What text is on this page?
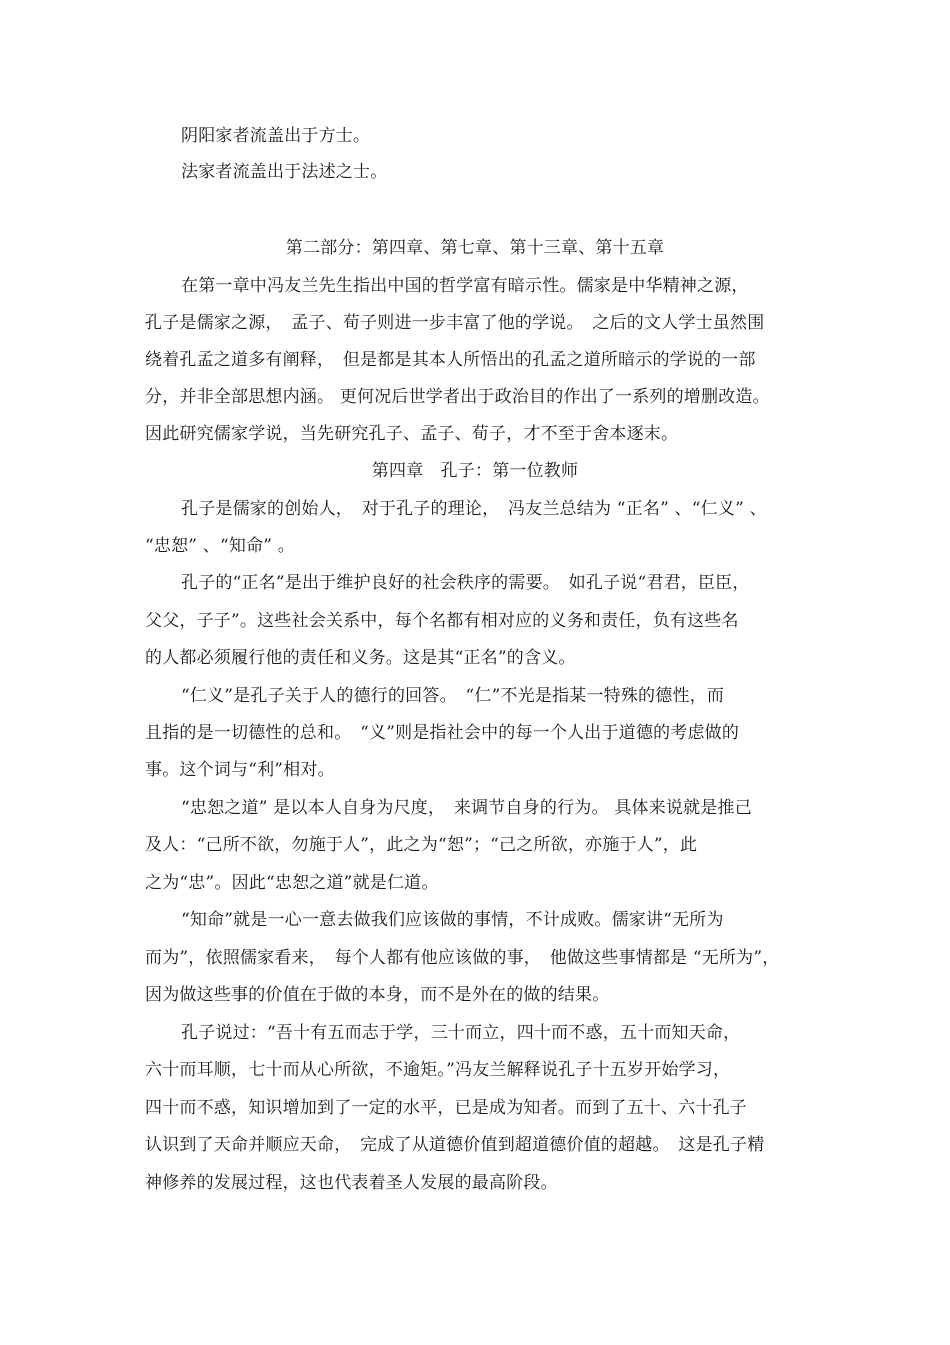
阴阳家者流盖出于方士。
法家者流盖出于法述之士。
第二部分：第四章、第七章、第十三章、第十五章
在第一章中冯友兰先生指出中国的哲学富有暗示性。儒家是中华精神之源，
孔子是儒家之源，　孟子、荀子则进一步丰富了他的学说。　之后的文人学士虽然围
绕着孔孟之道多有阐释，　但是都是其本人所悟出的孔孟之道所暗示的学说的一部
分，并非全部思想内涵。 更何况后世学者出于政治目的作出了一系列的增删改造。
因此研究儒家学说，当先研究孔子、孟子、荀子，才不至于舍本逐末。
第四章　孔子：第一位教师
孔子是儒家的创始人，　对于孔子的理论，　冯友兰总结为 “正名” 、“仁义” 、
“忠恕” 、“知命” 。
孔子的“正名”是出于维护良好的社会秩序的需要。　如孔子说“君君，臣臣，
父父，子子”。这些社会关系中，每个名都有相对应的义务和责任，负有这些名
的人都必须履行他的责任和义务。这是其“正名”的含义。
“仁义”是孔子关于人的德行的回答。　“仁”不光是指某一特殊的德性，而
且指的是一切德性的总和。　“义”则是指社会中的每一个人出于道德的考虑做的
事。这个词与“利”相对。
“忠恕之道” 是以本人自身为尺度，　来调节自身的行为。 具体来说就是推己
及人：“己所不欲，勿施于人”，此之为“恕”；“己之所欲，亦施于人”，此
之为“忠”。因此“忠恕之道”就是仁道。
“知命”就是一心一意去做我们应该做的事情，不计成败。儒家讲“无所为
而为”，依照儒家看来，　每个人都有他应该做的事，　他做这些事情都是 “无所为”，
因为做这些事的价值在于做的本身，而不是外在的做的结果。
孔子说过：“吾十有五而志于学，三十而立，四十而不惑，五十而知天命，
六十而耳顺，七十而从心所欲，不逾矩。”冯友兰解释说孔子十五岁开始学习，
四十而不惑，知识增加到了一定的水平，已是成为知者。而到了五十、六十孔子
认识到了天命并顺应天命，　完成了从道德价值到超道德价值的超越。　这是孔子精
神修养的发展过程，这也代表着圣人发展的最高阶段。
